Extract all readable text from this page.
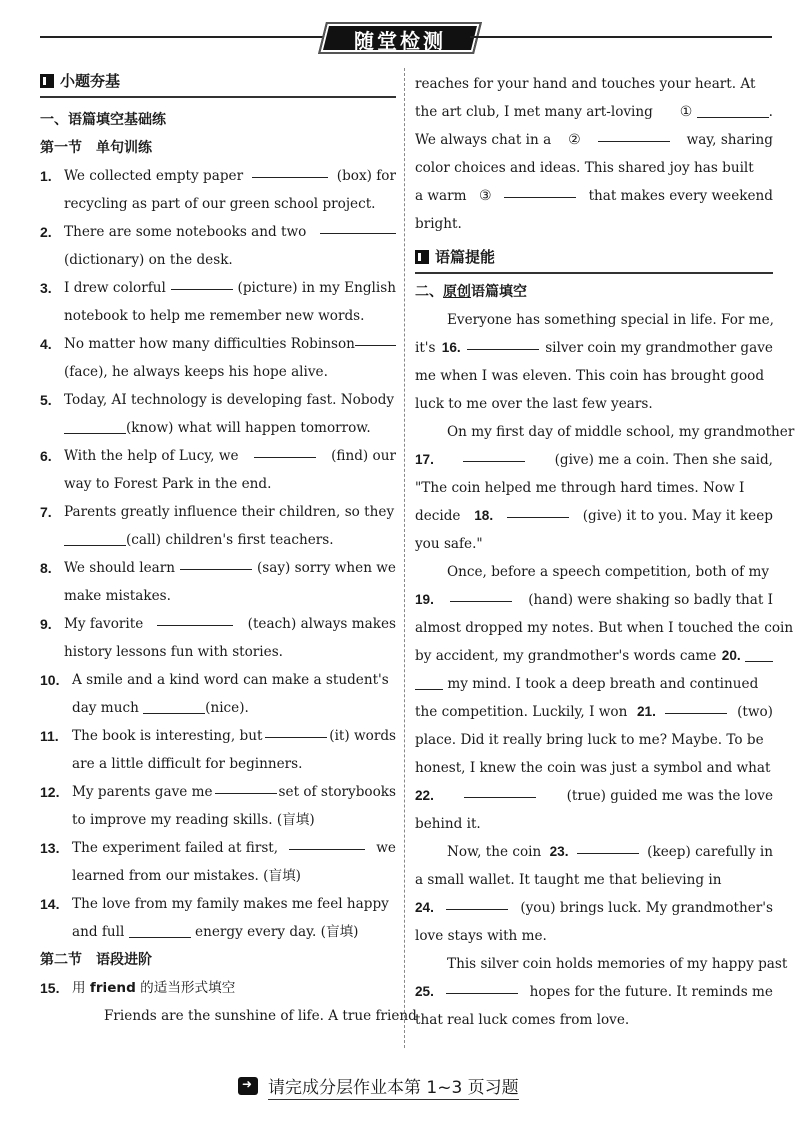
随堂检测
小题夯基
一、语篇填空基础练
第一节　单句训练
1. We collected empty paper	(box) for
recycling as part of our green school project.
2. There are some notebooks and two
(dictionary) on the desk.
3. I drew colorful	(picture) in my English
notebook to help me remember new words.
4. No matter how many difficulties Robinson
(face), he always keeps his hope alive.
5. Today, AI technology is developing fast. Nobody
(know) what will happen tomorrow.
6. With the help of Lucy, we	(find) our
way to Forest Park in the end.
7. Parents greatly influence their children, so they
(call) children's first teachers.
8. We should learn	(say) sorry when we
make mistakes.
9. My favorite	(teach) always makes
history lessons fun with stories.
10. A smile and a kind word can make a student's
day much	(nice).
11. The book is interesting, but	(it) words
are a little difficult for beginners.
12. My parents gave me	set of storybooks
to improve my reading skills. (盲填)
13. The experiment failed at first,	we
learned from our mistakes. (盲填)
14. The love from my family makes me feel happy
and full	energy every day. (盲填)
第二节　语段进阶
15. 用 friend 的适当形式填空
Friends are the sunshine of life. A true friend
reaches for your hand and touches your heart. At
the art club, I met many art-loving ①	.
We always chat in a ②	way, sharing
color choices and ideas. This shared joy has built
a warm ③	that makes every weekend
bright.
语篇提能
二、原创语篇填空
Everyone has something special in life. For me,
it's 16.	silver coin my grandmother gave
me when I was eleven. This coin has brought good
luck to me over the last few years.
On my first day of middle school, my grandmother
17.	(give) me a coin. Then she said,
"The coin helped me through hard times. Now I
decide 18.	(give) it to you. May it keep
you safe."
Once, before a speech competition, both of my
19.	(hand) were shaking so badly that I
almost dropped my notes. But when I touched the coin
by accident, my grandmother's words came 20.
my mind. I took a deep breath and continued
the competition. Luckily, I won 21.	(two)
place. Did it really bring luck to me? Maybe. To be
honest, I knew the coin was just a symbol and what
22.	(true) guided me was the love
behind it.
Now, the coin 23.	(keep) carefully in
a small wallet. It taught me that believing in
24.	(you) brings luck. My grandmother's
love stays with me.
This silver coin holds memories of my happy past
25.	hopes for the future. It reminds me
that real luck comes from love.
➜
请完成分层作业本第 1~3 页习题
